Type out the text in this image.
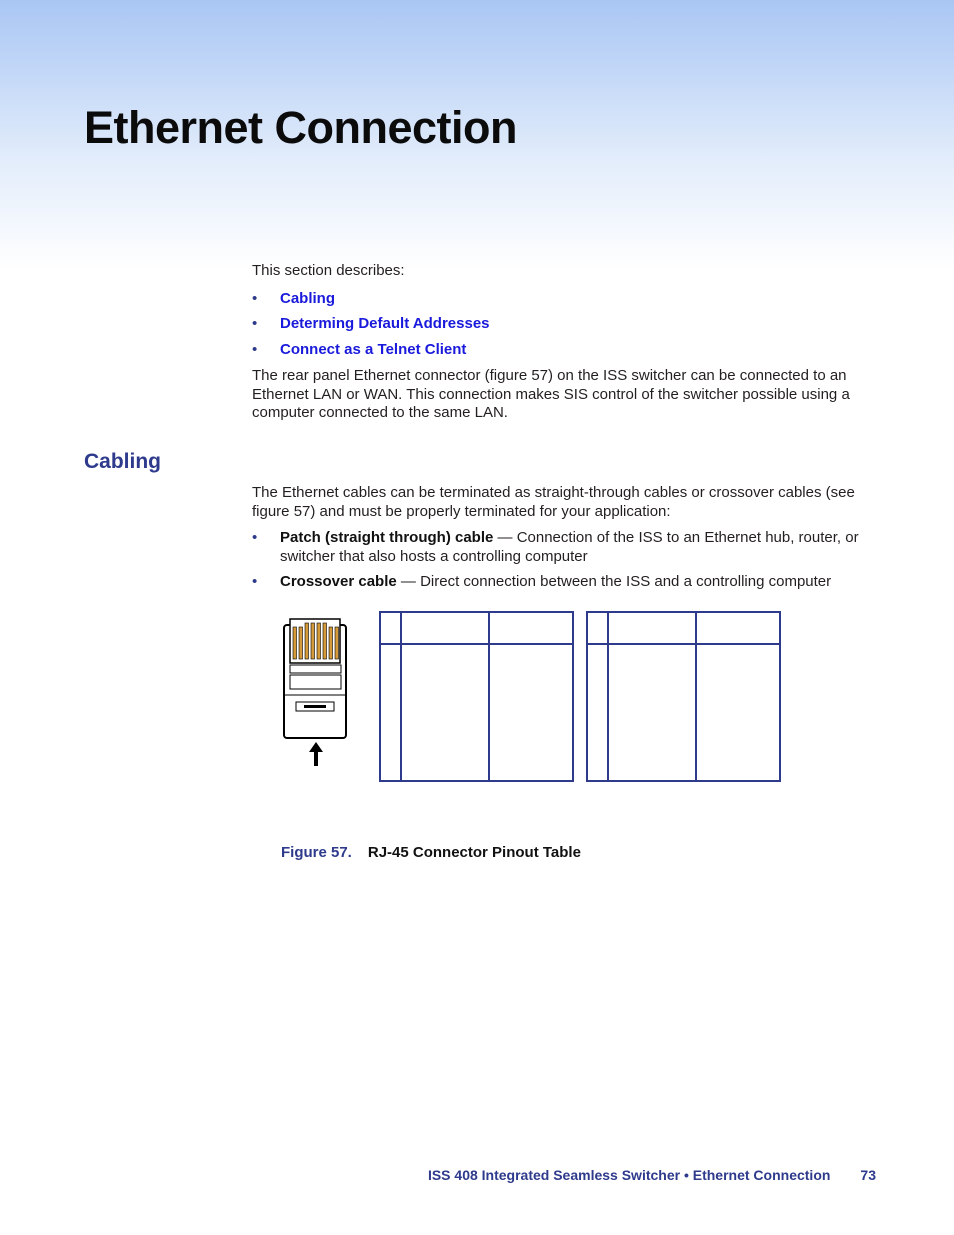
Ethernet Connection

This section describes:

• Cabling
• Determing Default Addresses
• Connect as a Telnet Client

The rear panel Ethernet connector (figure 57) on the ISS switcher can be connected to an Ethernet LAN or WAN. This connection makes SIS control of the switcher possible using a computer connected to the same LAN.

Cabling

The Ethernet cables can be terminated as straight-through cables or crossover cables (see figure 57) and must be properly terminated for your application:

• Patch (straight through) cable — Connection of the ISS to an Ethernet hub, router, or switcher that also hosts a controlling computer
• Crossover cable — Direct connection between the ISS and a controlling computer
Figure 57. RJ-45 Connector Pinout Table
ISS 408 Integrated Seamless Switcher • Ethernet Connection 73
